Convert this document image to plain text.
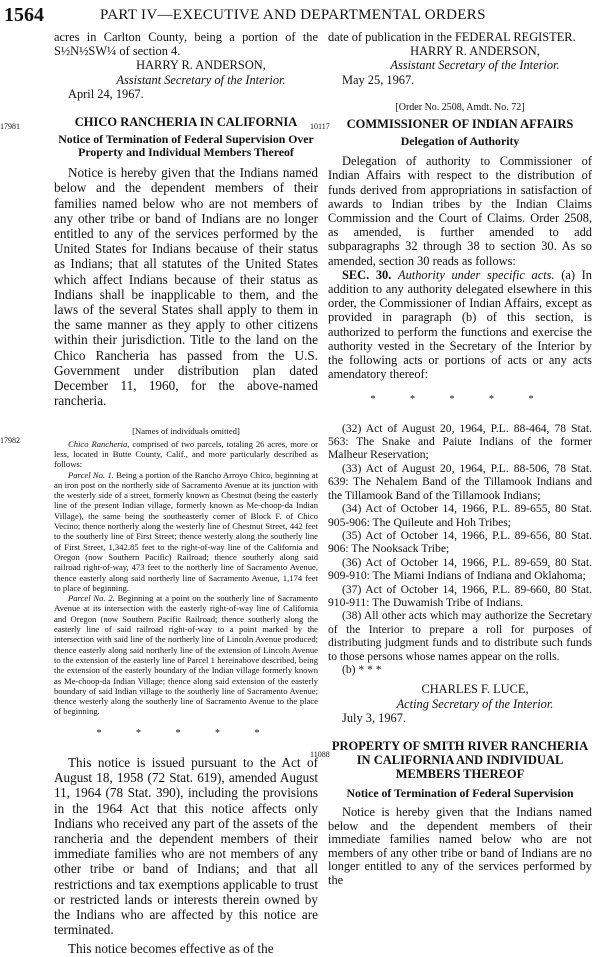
1564	PART IV—EXECUTIVE AND DEPARTMENTAL ORDERS
17981
17982
10117
11088

acres in Carlton County, being a portion of the S½N½SW¼ of section 4.

HARRY R. ANDERSON,

Assistant Secretary of the Interior.

April 24, 1967.

CHICO RANCHERIA IN CALIFORNIA

Notice of Termination of Federal Supervision Over Property and Individual Members Thereof

Notice is hereby given that the Indians named below and the dependent members of their families named below who are not members of any other tribe or band of Indians are no longer entitled to any of the services performed by the United States for Indians because of their status as Indians; that all statutes of the United States which affect Indians because of their status as Indians shall be inapplicable to them, and the laws of the several States shall apply to them in the same manner as they apply to other citizens within their jurisdiction. Title to the land on the Chico Rancheria has passed from the U.S. Government under distribution plan dated December 11, 1960, for the above-named rancheria.

[Names of individuals omitted]

Chico Rancheria, comprised of two parcels, totaling 26 acres, more or less, located in Butte County, Calif., and more particularly described as follows:

Parcel No. 1. Being a portion of the Rancho Arroyo Chico, beginning at an iron post on the northerly side of Sacramento Avenue at its junction with the westerly side of a street, formerly known as Chestnut (being the easterly line of the present Indian village, formerly known as Me-choop-da Indian Village), the same being the southeasterly corner of Block F. of Chico Vecino; thence northerly along the westerly line of Chestnut Street, 442 feet to the southerly line of First Street; thence westerly along the southerly line of First Street, 1,342.85 feet to the right-of-way line of the California and Oregon (now Southern Pacific) Railroad; thence southerly along said railroad right-of-way, 473 feet to the northerly line of Sacramento Avenue, thence easterly along said northerly line of Sacramento Avenue, 1,174 feet to place of beginning.

Parcel No. 2. Beginning at a point on the southerly line of Sacramento Avenue at its intersection with the easterly right-of-way line of California and Oregon (now Southern Pacific Railroad; thence southerly along the easterly line of said railroad right-of-way to a point marked by the intersection with said line of the northerly line of Lincoln Avenue produced; thence easterly along said northerly line of the extension of Lincoln Avenue to the extension of the easterly line of Parcel 1 hereinabove described, being the extension of the easterly boundary of the Indian village formerly known as Me-choop-da Indian Village; thence along said extension of the easterly boundary of said Indian village to the southerly line of Sacramento Avenue; thence westerly along the southerly line of Sacramento Avenue to the place of beginning.

* * * * *

This notice is issued pursuant to the Act of August 18, 1958 (72 Stat. 619), amended August 11, 1964 (78 Stat. 390), including the provisions in the 1964 Act that this notice affects only Indians who received any part of the assets of the rancheria and the dependent members of their immediate families who are not members of any other tribe or band of Indians; and that all restrictions and tax exemptions applicable to trust or restricted lands or interests therein owned by the Indians who are affected by this notice are terminated.

This notice becomes effective as of the

date of publication in the FEDERAL REGISTER.

HARRY R. ANDERSON,

Assistant Secretary of the Interior.

May 25, 1967.

[Order No. 2508, Amdt. No. 72]

COMMISSIONER OF INDIAN AFFAIRS

Delegation of Authority

Delegation of authority to Commissioner of Indian Affairs with respect to the distribution of funds derived from appropriations in satisfaction of awards to Indian tribes by the Indian Claims Commission and the Court of Claims. Order 2508, as amended, is further amended to add subparagraphs 32 through 38 to section 30. As so amended, section 30 reads as follows:

SEC. 30. Authority under specific acts. (a) In addition to any authority delegated elsewhere in this order, the Commissioner of Indian Affairs, except as provided in paragraph (b) of this section, is authorized to perform the functions and exercise the authority vested in the Secretary of the Interior by the following acts or portions of acts or any acts amendatory thereof:

* * * * *

(32) Act of August 20, 1964, P.L. 88-464, 78 Stat. 563: The Snake and Paiute Indians of the former Malheur Reservation;

(33) Act of August 20, 1964, P.L. 88-506, 78 Stat. 639: The Nehalem Band of the Tillamook Indians and the Tillamook Band of the Tillamook Indians;

(34) Act of October 14, 1966, P.L. 89-655, 80 Stat. 905-906: The Quileute and Hoh Tribes;

(35) Act of October 14, 1966, P.L. 89-656, 80 Stat. 906: The Nooksack Tribe;

(36) Act of October 14, 1966, P.L. 89-659, 80 Stat. 909-910: The Miami Indians of Indiana and Oklahoma;

(37) Act of October 14, 1966, P.L. 89-660, 80 Stat. 910-911: The Duwamish Tribe of Indians.

(38) All other acts which may authorize the Secretary of the Interior to prepare a roll for purposes of distributing judgment funds and to distribute such funds to those persons whose names appear on the rolls.

(b) * * *

CHARLES F. LUCE,

Acting Secretary of the Interior.

July 3, 1967.

PROPERTY OF SMITH RIVER RANCHERIA IN CALIFORNIA AND INDIVIDUAL MEMBERS THEREOF

Notice of Termination of Federal Supervision

Notice is hereby given that the Indians named below and the dependent members of their immediate families named below who are not members of any other tribe or band of Indians are no longer entitled to any of the services performed by the
